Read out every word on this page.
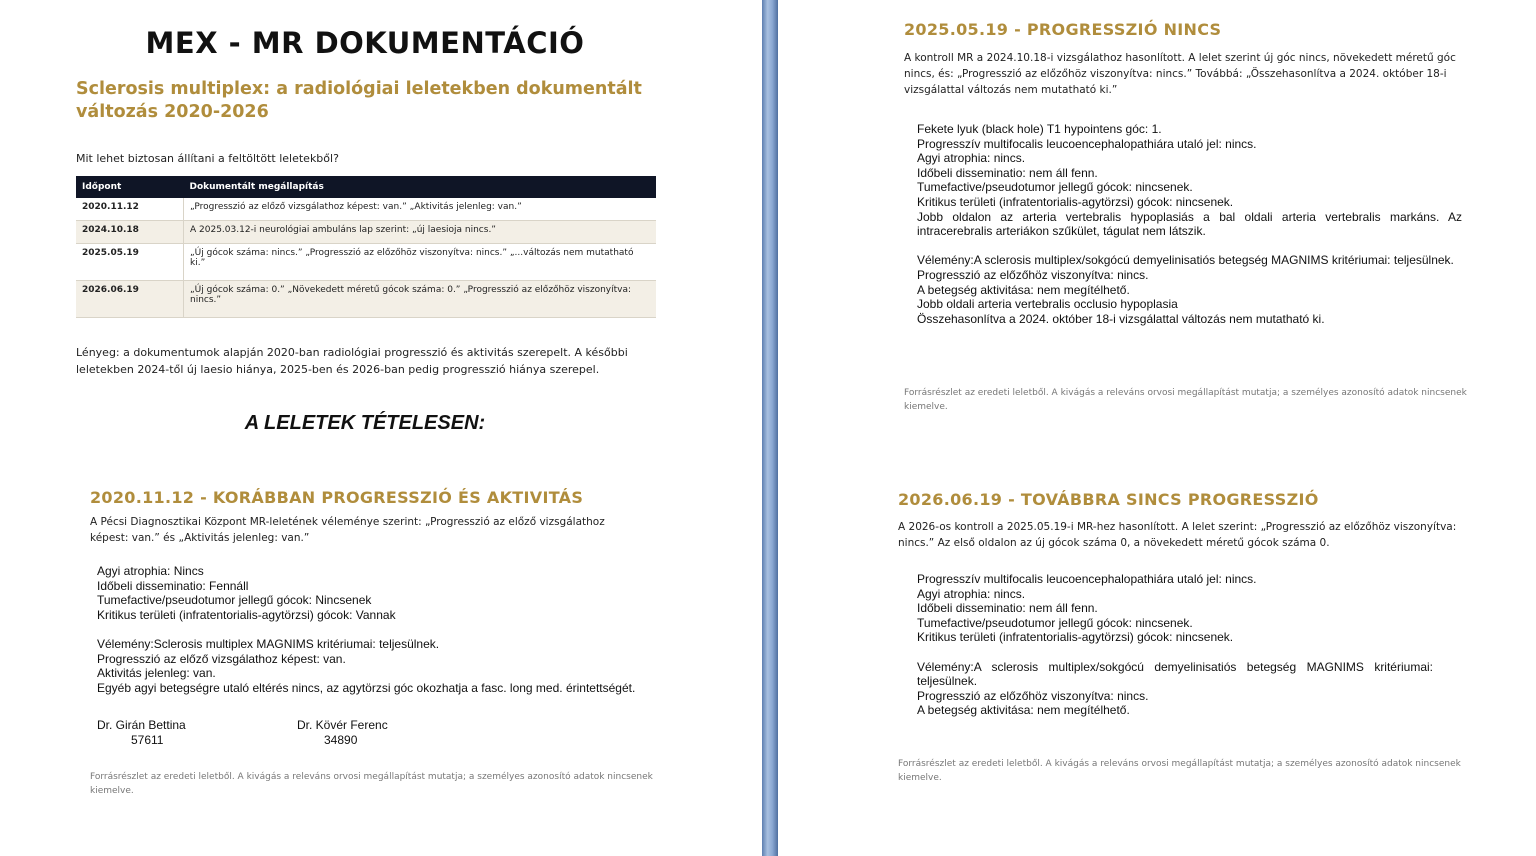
MEX - MR DOKUMENTÁCIÓ
Sclerosis multiplex: a radiológiai leletekben dokumentált változás 2020-2026
Mit lehet biztosan állítani a feltöltött leletekből?
Időpont	Dokumentált megállapítás
2020.11.12	„Progresszió az előző vizsgálathoz képest: van.” „Aktivitás jelenleg: van.”
2024.10.18	A 2025.03.12-i neurológiai ambuláns lap szerint: „új laesioja nincs.”
2025.05.19	„Új gócok száma: nincs.” „Progresszió az előzőhöz viszonyítva: nincs.” „...változás nem mutatható ki.”
2026.06.19	„Új gócok száma: 0.” „Növekedett méretű gócok száma: 0.” „Progresszió az előzőhöz viszonyítva: nincs.”
Lényeg: a dokumentumok alapján 2020-ban radiológiai progresszió és aktivitás szerepelt. A későbbi leletekben 2024-től új laesio hiánya, 2025-ben és 2026-ban pedig progresszió hiánya szerepel.
A LELETEK TÉTELESEN:
2020.11.12 - KORÁBBAN PROGRESSZIÓ ÉS AKTIVITÁS
A Pécsi Diagnosztikai Központ MR-leletének véleménye szerint: „Progresszió az előző vizsgálathoz képest: van.” és „Aktivitás jelenleg: van.”
Agyi atrophia: Nincs
Időbeli disseminatio: Fennáll
Tumefactive/pseudotumor jellegű gócok: Nincsenek
Kritikus területi (infratentorialis-agytörzsi) gócok: Vannak
Vélemény:Sclerosis multiplex MAGNIMS kritériumai: teljesülnek.
Progresszió az előző vizsgálathoz képest: van.
Aktivitás jelenleg: van.
Egyéb agyi betegségre utaló eltérés nincs, az agytörzsi góc okozhatja a fasc. long med. érintettségét.
Dr. Girán Bettina
57611
Dr. Kövér Ferenc
34890
Forrásrészlet az eredeti leletből. A kivágás a releváns orvosi megállapítást mutatja; a személyes azonosító adatok nincsenek kiemelve.
2025.05.19 - PROGRESSZIÓ NINCS
A kontroll MR a 2024.10.18-i vizsgálathoz hasonlított. A lelet szerint új góc nincs, növekedett méretű góc nincs, és: „Progresszió az előzőhöz viszonyítva: nincs.” Továbbá: „Összehasonlítva a 2024. október 18-i vizsgálattal változás nem mutatható ki.”
Fekete lyuk (black hole) T1 hypointens góc: 1.
Progresszív multifocalis leucoencephalopathiára utaló jel: nincs.
Agyi atrophia: nincs.
Időbeli disseminatio: nem áll fenn.
Tumefactive/pseudotumor jellegű gócok: nincsenek.
Kritikus területi (infratentorialis-agytörzsi) gócok: nincsenek.
Jobb oldalon az arteria vertebralis hypoplasiás a bal oldali arteria vertebralis markáns. Az intracerebralis arteriákon szűkület, tágulat nem látszik.
Vélemény:A sclerosis multiplex/sokgócú demyelinisatiós betegség MAGNIMS kritériumai: teljesülnek.
Progresszió az előzőhöz viszonyítva: nincs.
A betegség aktivitása: nem megítélhető.
Jobb oldali arteria vertebralis occlusio hypoplasia
Összehasonlítva a 2024. október 18-i vizsgálattal változás nem mutatható ki.
Forrásrészlet az eredeti leletből. A kivágás a releváns orvosi megállapítást mutatja; a személyes azonosító adatok nincsenek kiemelve.
2026.06.19 - TOVÁBBRA SINCS PROGRESSZIÓ
A 2026-os kontroll a 2025.05.19-i MR-hez hasonlított. A lelet szerint: „Progresszió az előzőhöz viszonyítva: nincs.” Az első oldalon az új gócok száma 0, a növekedett méretű gócok száma 0.
Progresszív multifocalis leucoencephalopathiára utaló jel: nincs.
Agyi atrophia: nincs.
Időbeli disseminatio: nem áll fenn.
Tumefactive/pseudotumor jellegű gócok: nincsenek.
Kritikus területi (infratentorialis-agytörzsi) gócok: nincsenek.
Vélemény:A sclerosis multiplex/sokgócú demyelinisatiós betegség MAGNIMS kritériumai: teljesülnek.
Progresszió az előzőhöz viszonyítva: nincs.
A betegség aktivitása: nem megítélhető.
Forrásrészlet az eredeti leletből. A kivágás a releváns orvosi megállapítást mutatja; a személyes azonosító adatok nincsenek kiemelve.
